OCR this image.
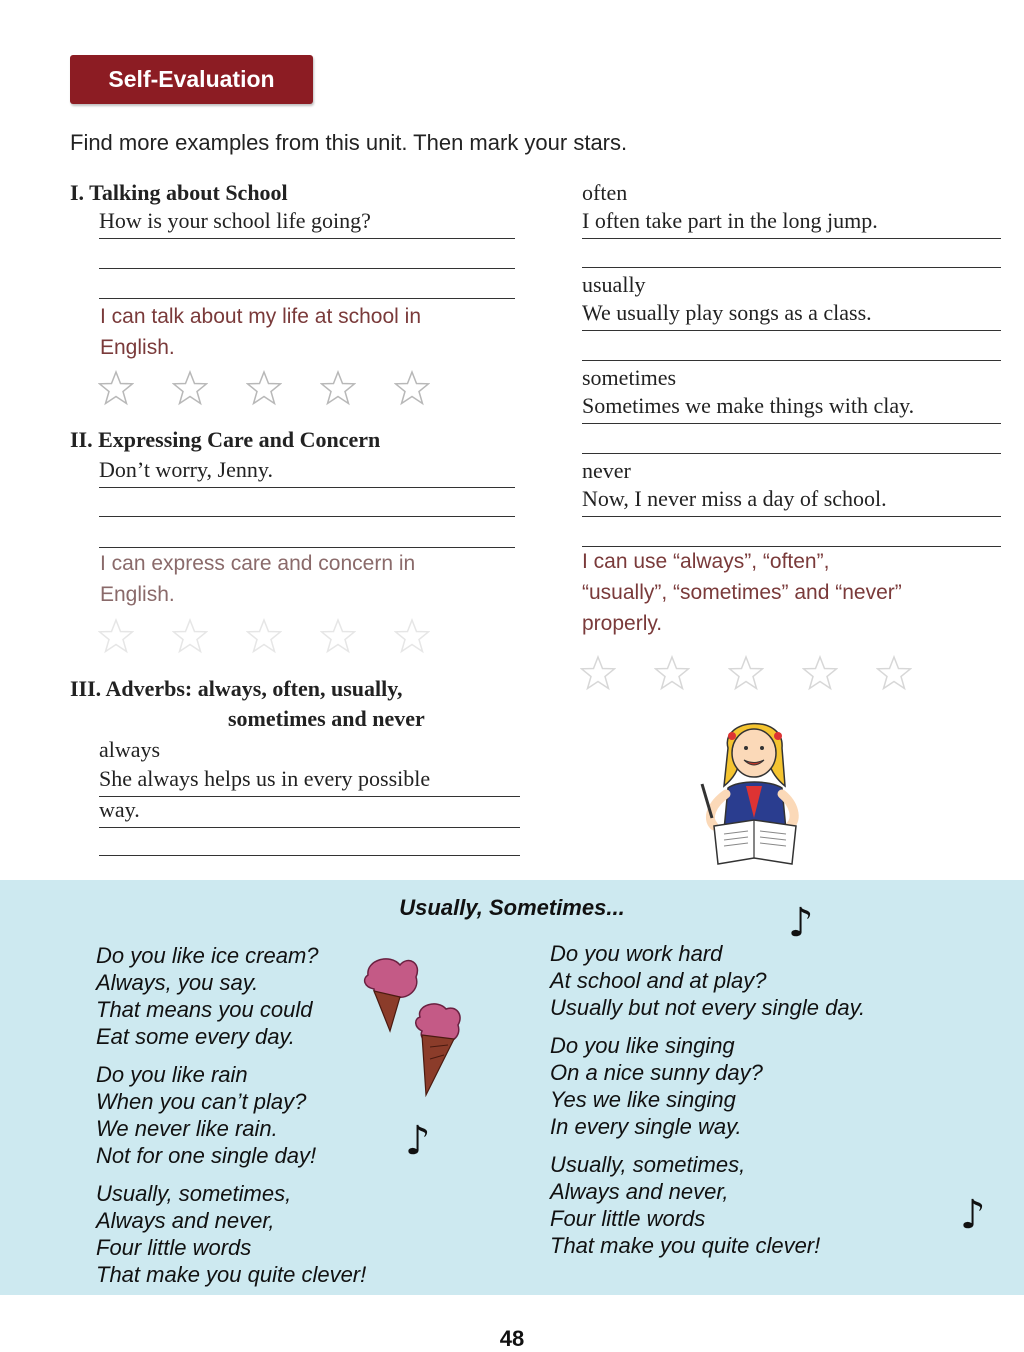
Self-Evaluation
Find more examples from this unit. Then mark your stars.
I. Talking about School
How is your school life going?
I can talk about my life at school in
English.
II. Expressing Care and Concern
Don’t worry, Jenny.
I can express care and concern in
English.
III. Adverbs: always, often, usually,
sometimes and never
always
She always helps us in every possible
way.
often
I often take part in the long jump.
usually
We usually play songs as a class.
sometimes
Sometimes we make things with clay.
never
Now, I never miss a day of school.
I can use “always”, “often”,
“usually”, “sometimes” and “never”
properly.
Usually, Sometimes...
Do you like ice cream?
Always, you say.
That means you could
Eat some every day.
Do you like rain
When you can’t play?
We never like rain.
Not for one single day!
Usually, sometimes,
Always and never,
Four little words
That make you quite clever!
Do you work hard
At school and at play?
Usually but not every single day.
Do you like singing
On a nice sunny day?
Yes we like singing
In every single way.
Usually, sometimes,
Always and never,
Four little words
That make you quite clever!
♪
♪
♪
48
